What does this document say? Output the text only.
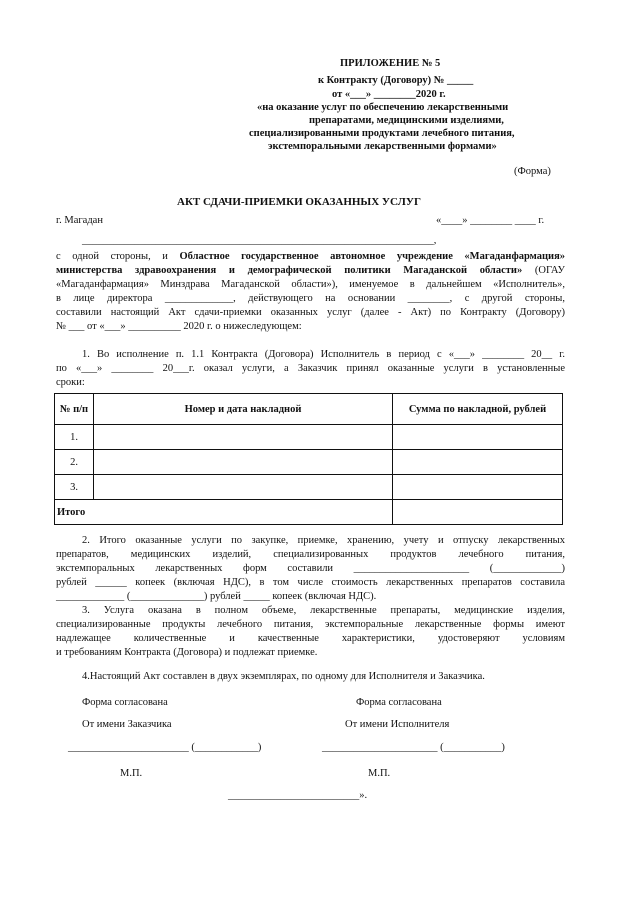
ПРИЛОЖЕНИЕ № 5
к Контракту (Договору) № _____
от «___» ________2020 г.
«на оказание услуг по обеспечению лекарственными
препаратами, медицинскими изделиями,
специализированными продуктами лечебного питания,
экстемпоральными лекарственными формами»
(Форма)
АКТ СДАЧИ-ПРИЕМКИ ОКАЗАННЫХ УСЛУГ
г. Магадан	«____» ________ ____ г.
___________________________________________________________________,
с одной стороны, и Областное государственное автономное учреждение «Магаданфармация»
министерства здравоохранения и демографической политики Магаданской области» (ОГАУ
«Магаданфармация» Минздрава Магаданской области»), именуемое в дальнейшем «Исполнитель»,
в лице директора _____________, действующего на основании ________, с другой стороны,
составили настоящий Акт сдачи-приемки оказанных услуг (далее - Акт) по Контракту (Договору)
№ ___ от «___» __________ 2020 г. о нижеследующем:
1. Во исполнение п. 1.1 Контракта (Договора) Исполнитель в период с «___» ________ 20__ г.
по «___» ________ 20___г. оказал услуги, а Заказчик принял оказанные услуги в установленные
сроки:
№ п/п	Номер и дата накладной	Сумма по накладной, рублей
1.		
2.		
3.		
Итого		
2. Итого оказанные услуги по закупке, приемке, хранению, учету и отпуску лекарственных
препаратов, медицинских изделий, специализированных продуктов лечебного питания,
экстемпоральных лекарственных форм составили ______________________ (_____________)
рублей ______ копеек (включая НДС), в том числе стоимость лекарственных препаратов составила
_____________ (______________) рублей _____ копеек (включая НДС).
3. Услуга оказана в полном объеме, лекарственные препараты, медицинские изделия,
специализированные продукты лечебного питания, экстемпоральные лекарственные формы имеют
надлежащее количественные и качественные характеристики, удостоверяют условиям
и требованиям Контракта (Договора) и подлежат приемке.
4.Настоящий Акт составлен в двух экземплярах, по одному для Исполнителя и Заказчика.
Форма согласована	Форма согласована
От имени Заказчика	От имени Исполнителя
_______________________ (____________)	______________________ (___________)
М.П.	М.П.
_________________________».
